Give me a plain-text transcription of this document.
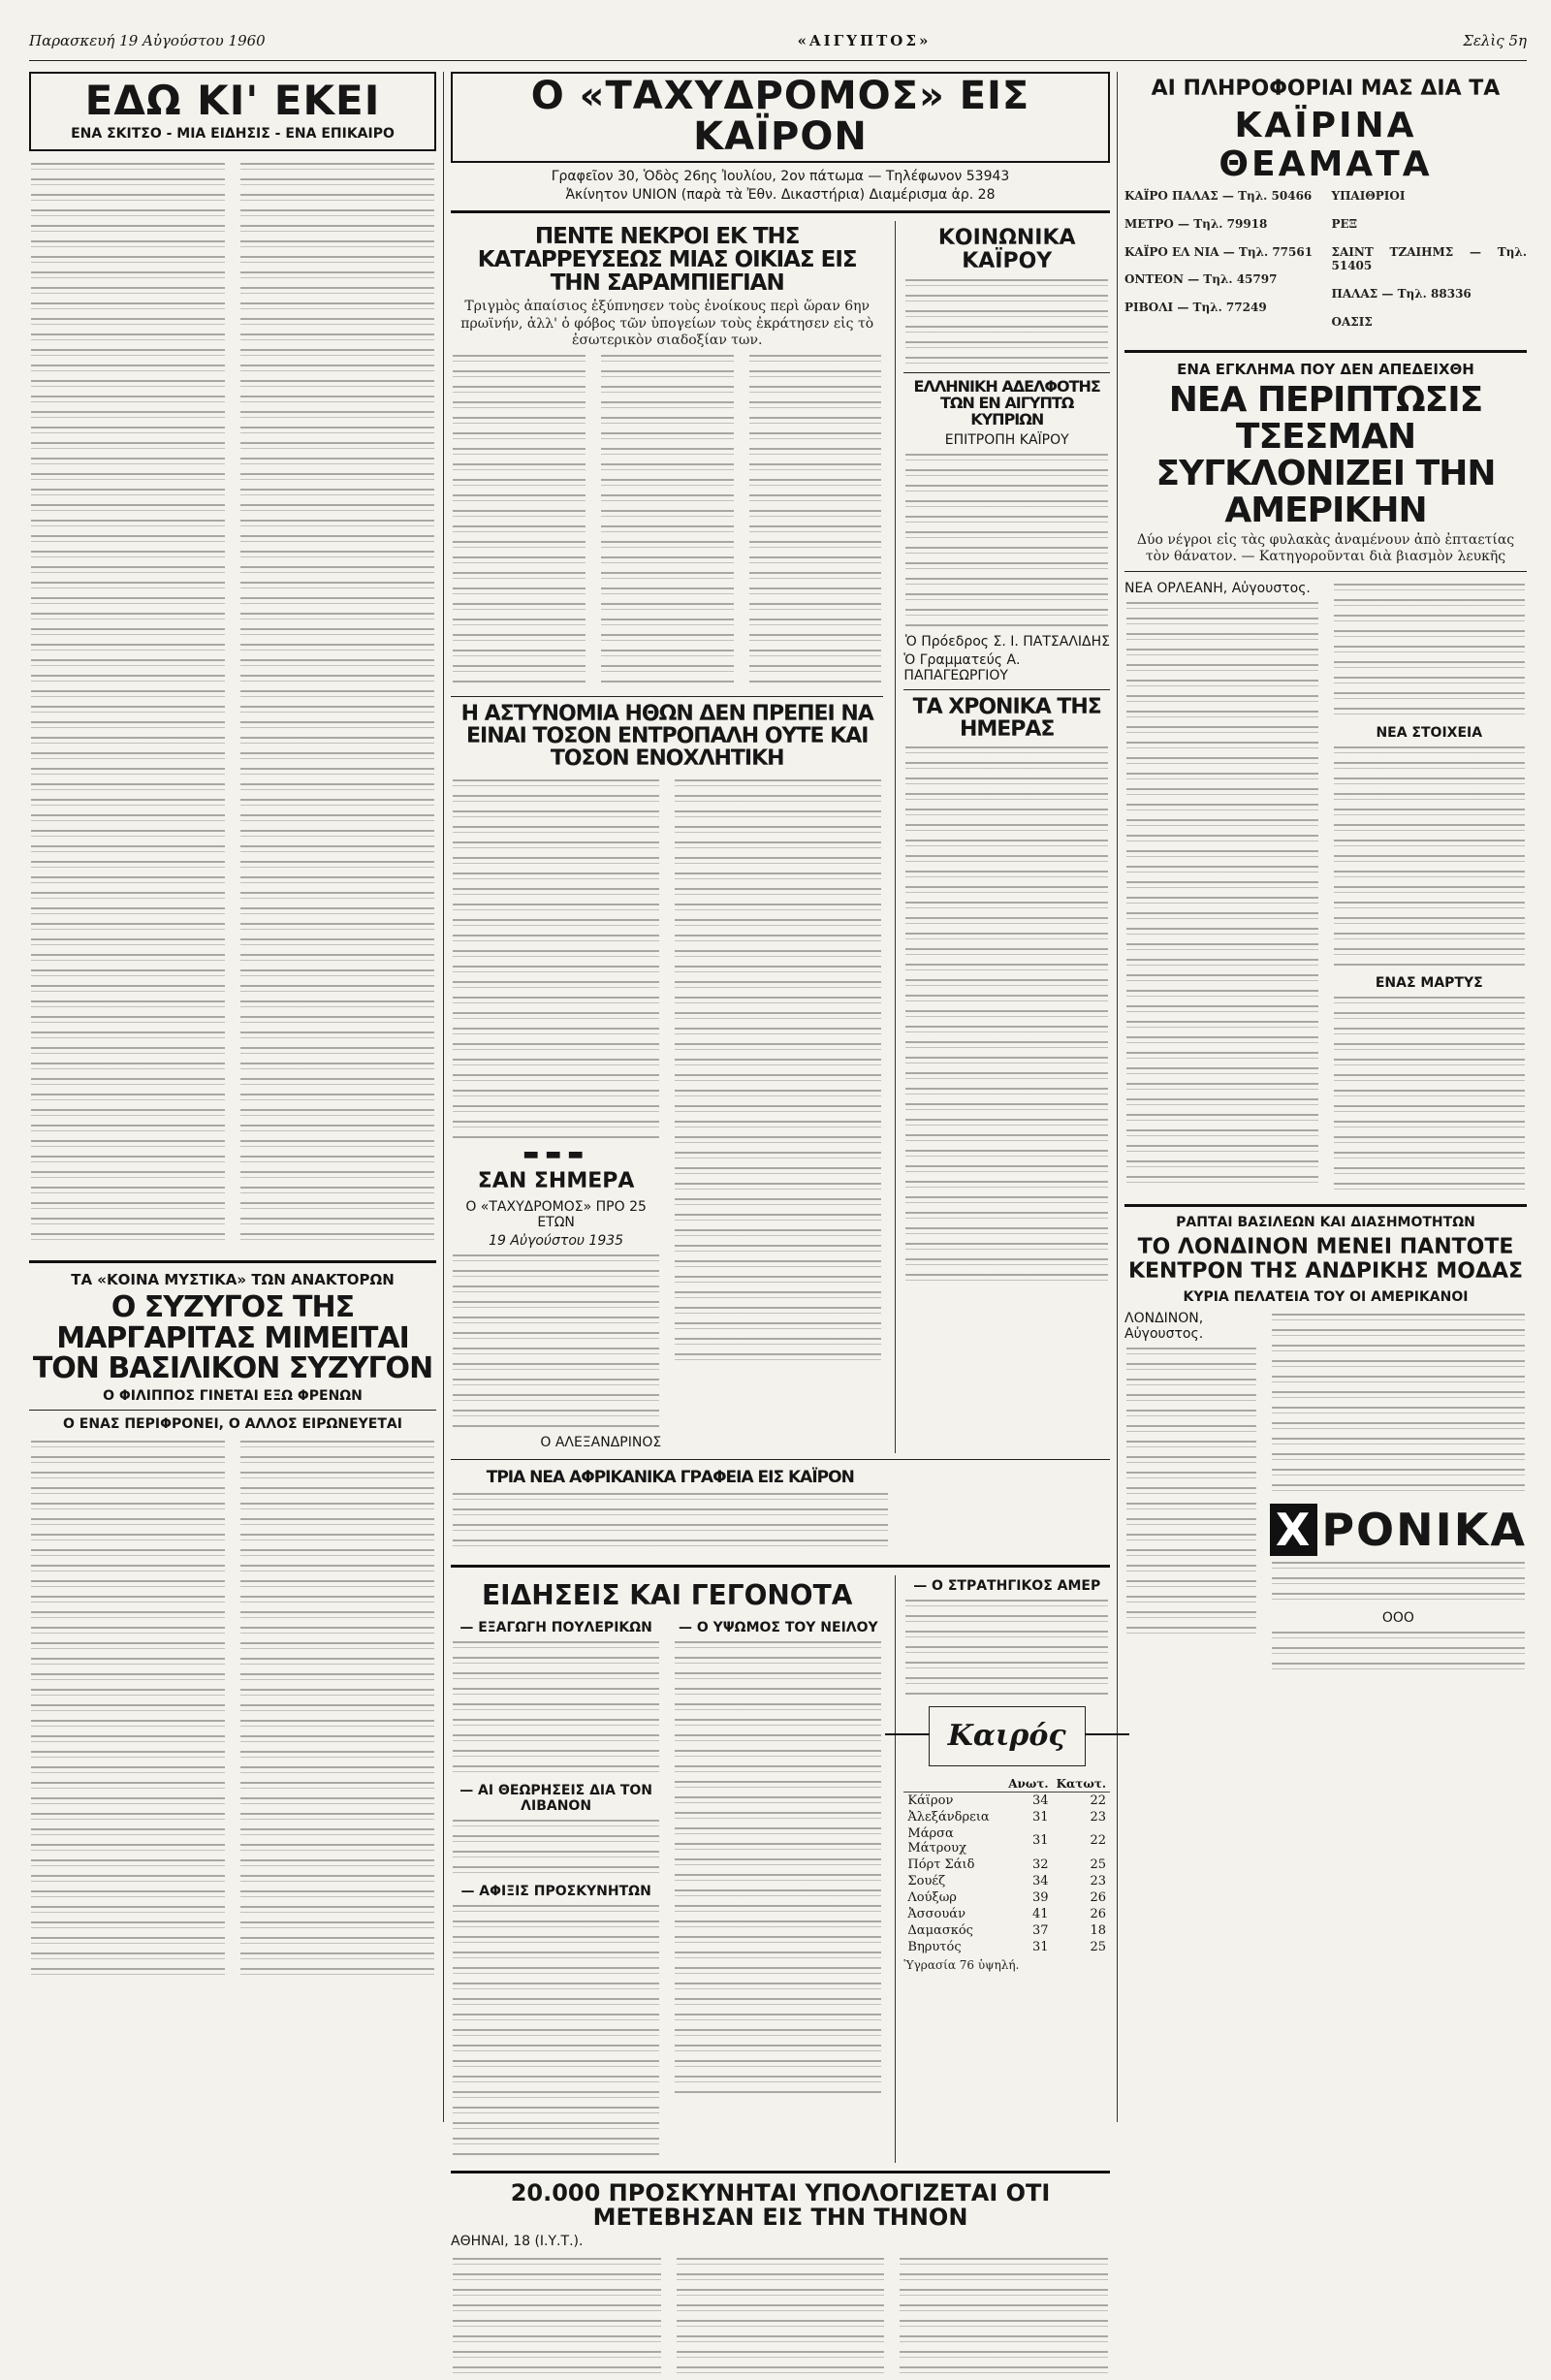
Παρασκευή 19 Αὐγούστου 1960	«ΑΙΓΥΠΤΟΣ»	Σελὶς 5η
ΕΔΩ ΚΙ' ΕΚΕΙ
ΕΝΑ ΣΚΙΤΣΟ - ΜΙΑ ΕΙΔΗΣΙΣ - ΕΝΑ ΕΠΙΚΑΙΡΟ
ΤΑ «ΚΟΙΝΑ ΜΥΣΤΙΚΑ» ΤΩΝ ΑΝΑΚΤΟΡΩΝ
Ο ΣΥΖΥΓΟΣ ΤΗΣ ΜΑΡΓΑΡΙΤΑΣ ΜΙΜΕΙΤΑΙ ΤΟΝ ΒΑΣΙΛΙΚΟΝ ΣΥΖΥΓΟΝ
Ο ΦΙΛΙΠΠΟΣ ΓΙΝΕΤΑΙ ΕΞΩ ΦΡΕΝΩΝ
Ο ΕΝΑΣ ΠΕΡΙΦΡΟΝΕΙ, Ο ΑΛΛΟΣ ΕΙΡΩΝΕΥΕΤΑΙ
Ο «ΤΑΧΥΔΡΟΜΟΣ» ΕΙΣ ΚΑΪΡΟΝ
Γραφεῖον 30, Ὁδὸς 26ης Ἰουλίου, 2ον πάτωμα — Τηλέφωνον 53943
Ἀκίνητον UNION (παρὰ τὰ Ἐθν. Δικαστήρια) Διαμέρισμα ἀρ. 28
ΠΕΝΤΕ ΝΕΚΡΟΙ ΕΚ ΤΗΣ ΚΑΤΑΡΡΕΥΣΕΩΣ ΜΙΑΣ ΟΙΚΙΑΣ ΕΙΣ ΤΗΝ ΣΑΡΑΜΠΙΕΓΙΑΝ
Τριγμὸς ἀπαίσιος ἐξύπνησεν τοὺς ἐνοίκους περὶ ὥραν 6ην πρωϊνήν, ἀλλ' ὁ φόβος τῶν ὑπογείων τοὺς ἐκράτησεν εἰς τὸ ἐσωτερικὸν σιαδοξίαν των.
Η ΑΣΤΥΝΟΜΙΑ ΗΘΩΝ ΔΕΝ ΠΡΕΠΕΙ ΝΑ ΕΙΝΑΙ ΤΟΣΟΝ ΕΝΤΡΟΠΑΛΗ ΟΥΤΕ ΚΑΙ ΤΟΣΟΝ ΕΝΟΧΛΗΤΙΚΗ
▬▬▬
ΣΑΝ ΣΗΜΕΡΑ
Ο «ΤΑΧΥΔΡΟΜΟΣ» ΠΡΟ 25 ΕΤΩΝ
19 Αὐγούστου 1935
Ο ΑΛΕΞΑΝΔΡΙΝΟΣ
ΚΟΙΝΩΝΙΚΑ ΚΑΪΡΟΥ
ΕΛΛΗΝΙΚΗ ΑΔΕΛΦΟΤΗΣ ΤΩΝ ΕΝ ΑΙΓΥΠΤΩ ΚΥΠΡΙΩΝ
ΕΠΙΤΡΟΠΗ ΚΑΪΡΟΥ
Ὁ Πρόεδρος Σ. Ι. ΠΑΤΣΑΛΙΔΗΣ
Ὁ Γραμματεύς Α. ΠΑΠΑΓΕΩΡΓΙΟΥ
ΤΑ ΧΡΟΝΙΚΑ ΤΗΣ ΗΜΕΡΑΣ
ΤΡΙΑ ΝΕΑ ΑΦΡΙΚΑΝΙΚΑ ΓΡΑΦΕΙΑ ΕΙΣ ΚΑΪΡΟΝ
ΕΙΔΗΣΕΙΣ ΚΑΙ ΓΕΓΟΝΟΤΑ
— ΕΞΑΓΩΓΗ ΠΟΥΛΕΡΙΚΩΝ
— ΑΙ ΘΕΩΡΗΣΕΙΣ ΔΙΑ ΤΟΝ ΛΙΒΑΝΟΝ
— ΑΦΙΞΙΣ ΠΡΟΣΚΥΝΗΤΩΝ
— Ο ΥΨΩΜΟΣ ΤΟΥ ΝΕΙΛΟΥ
— Ο ΣΤΡΑΤΗΓΙΚΟΣ ΑΜΕΡ
Καιρός
	Ανωτ.	Κατωτ.
Κάϊρον	34	22
Ἀλεξάνδρεια	31	23
Μάρσα Μάτρουχ	31	22
Πόρτ Σάιδ	32	25
Σουέζ	34	23
Λούξωρ	39	26
Ἀσσουάν	41	26
Δαμασκός	37	18
Βηρυτός	31	25
Ὑγρασία 76 ὑψηλή.
20.000 ΠΡΟΣΚΥΝΗΤΑΙ ΥΠΟΛΟΓΙΖΕΤΑΙ ΟΤΙ ΜΕΤΕΒΗΣΑΝ ΕΙΣ ΤΗΝ ΤΗΝΟΝ
ΑΘΗΝΑΙ, 18 (Ι.Υ.Τ.).
ΑΙ ΠΛΗΡΟΦΟΡΙΑΙ ΜΑΣ ΔΙΑ ΤΑ
ΚΑΪΡΙΝΑ ΘΕΑΜΑΤΑ
ΚΑΪΡΟ ΠΑΛΑΣ — Τηλ. 50466
METPO — Τηλ. 79918
ΚΑΪΡΟ ΕΛ ΝΙΑ — Τηλ. 77561
ΟΝΤΕΟΝ — Τηλ. 45797
ΡΙΒΟΛΙ — Τηλ. 77249
ΥΠΑΙΘΡΙΟΙ
ΡΕΞ
ΣΑΙΝΤ ΤΖΑΙΗΜΣ — Τηλ. 51405
ΠΑΛΑΣ — Τηλ. 88336
ΟΑΣΙΣ
ΕΝΑ ΕΓΚΛΗΜΑ ΠΟΥ ΔΕΝ ΑΠΕΔΕΙΧΘΗ
ΝΕΑ ΠΕΡΙΠΤΩΣΙΣ ΤΣΕΣΜΑΝ ΣΥΓΚΛΟΝΙΖΕΙ ΤΗΝ ΑΜΕΡΙΚΗΝ
Δύο νέγροι εἰς τὰς φυλακὰς ἀναμένουν ἀπὸ ἐπταετίας τὸν θάνατον. — Κατηγοροῦνται διὰ βιασμὸν λευκῆς
ΝΕΑ ΟΡΛΕΑΝΗ, Αὐγουστος.
ΝΕΑ ΣΤΟΙΧΕΙΑ
ΕΝΑΣ ΜΑΡΤΥΣ
ΡΑΠΤΑΙ ΒΑΣΙΛΕΩΝ ΚΑΙ ΔΙΑΣΗΜΟΤΗΤΩΝ
ΤΟ ΛΟΝΔΙΝΟΝ ΜΕΝΕΙ ΠΑΝΤΟΤΕ ΚΕΝΤΡΟΝ ΤΗΣ ΑΝΔΡΙΚΗΣ ΜΟΔΑΣ
ΚΥΡΙΑ ΠΕΛΑΤΕΙΑ ΤΟΥ ΟΙ ΑΜΕΡΙΚΑΝΟΙ
ΛΟΝΔΙΝΟΝ, Αὐγουστος.
Χ ΡΟΝΙΚΑ
ΟΟΟ
